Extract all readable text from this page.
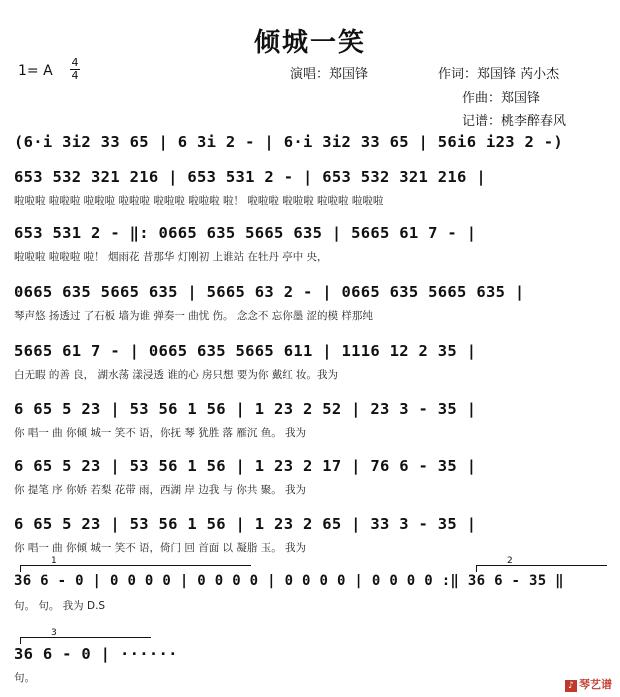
倾城一笑
1= A
4
4	演唱：郑国锋	作词：郑国锋 芮小杰
作曲：郑国锋
记谱：桃李醉春风
(6·i 3i2 33 65 | 6 3i 2 - | 6·i 3i2 33 65 | 56i6 i23 2 -)
653 532 321 216 | 653 531 2 - | 653 532 321 216 |
啦啦啦 啦啦啦 啦啦啦 啦啦啦 啦啦啦 啦啦啦 啦！ 啦啦啦 啦啦啦 啦啦啦 啦啦啦
653 531 2 - ‖: 0665 635 5665 635 | 5665 61 7 - |
啦啦啦 啦啦啦 啦！ 烟雨花 昔那华 灯刚初 上谁站 在牡丹 亭中 央，
0665 635 5665 635 | 5665 63 2 - | 0665 635 5665 635 |
琴声悠 扬透过 了石板 墙为谁 弹奏一 曲忧 伤。 念念不 忘你墨 涩的模 样那纯
5665 61 7 - | 0665 635 5665 611 | 1116 12 2 35 |
白无暇 的善 良， 湖水荡 漾浸透 谁的心 房只想 要为你 戴红 妆。我为
6 65 5 23 | 53 56 1 56 | 1 23 2 52 | 23 3 - 35 |
你 唱一 曲 你倾 城一 笑不 语，你抚 琴 犹胜 落 雁沉 鱼。 我为
6 65 5 23 | 53 56 1 56 | 1 23 2 17 | 76 6 - 35 |
你 提笔 序 你娇 若梨 花带 雨，西湖 岸 边我 与 你共 聚。 我为
6 65 5 23 | 53 56 1 56 | 1 23 2 65 | 33 3 - 35 |
你 唱一 曲 你倾 城一 笑不 语，倚门 回 首面 以 凝脂 玉。 我为
1	2
36 6 - 0 | 0 0 0 0 | 0 0 0 0 | 0 0 0 0 | 0 0 0 0 :‖ 36 6 - 35 ‖
句。 句。 我为 D.S
3
36 6 - 0 | ······
句。
♪ 琴艺谱
